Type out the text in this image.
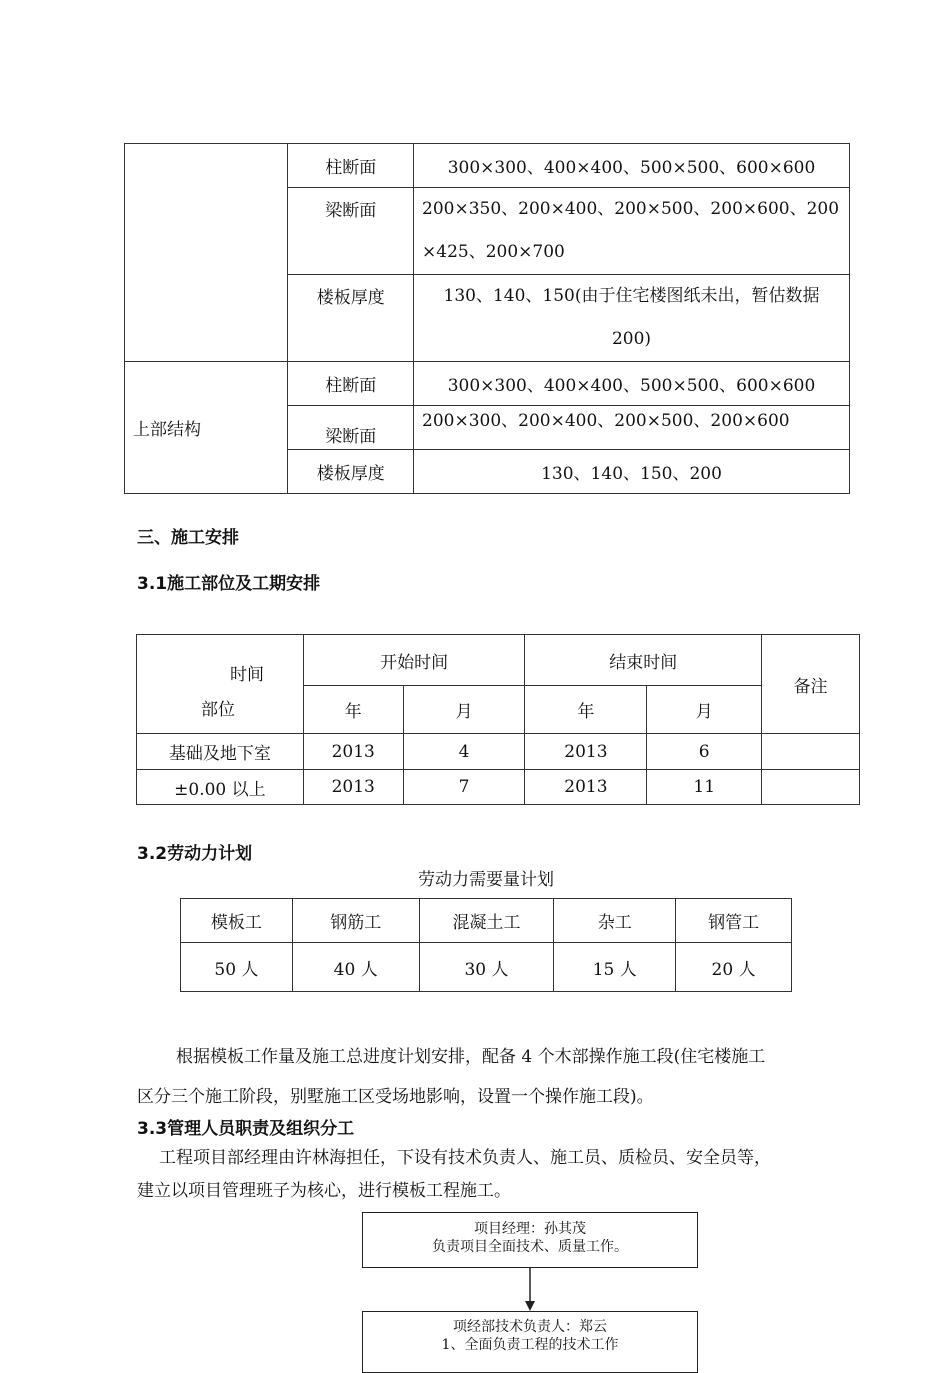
	柱断面	300×300、400×400、500×500、600×600
	梁断面	200×350、200×400、200×500、200×600、200
×425、200×700

	楼板厚度	130、140、150(由于住宅楼图纸未出，暂估数据
200)

上部结构	柱断面	300×300、400×400、500×500、600×600
	梁断面	200×300、200×400、200×500、200×600
	楼板厚度	130、140、150、200
三、施工安排
3.1施工部位及工期安排
时间
部位	开始时间		结束时间		备注
	年	月	年	月	
基础及地下室	2013	4	2013	6	
±0.00 以上	2013	7	2013	11	
3.2劳动力计划
劳动力需要量计划
模板工	钢筋工	混凝土工	杂工	钢管工
50 人	40 人	30 人	15 人	20 人
根据模板工作量及施工总进度计划安排，配备 4 个木部操作施工段(住宅楼施工
区分三个施工阶段，别墅施工区受场地影响，设置一个操作施工段)。
3.3管理人员职责及组织分工
工程项目部经理由许林海担任，下设有技术负责人、施工员、质检员、安全员等，
建立以项目管理班子为核心，进行模板工程施工。
项目经理：孙其茂
负责项目全面技术、质量工作。
项经部技术负责人：郑云
1、全面负责工程的技术工作
